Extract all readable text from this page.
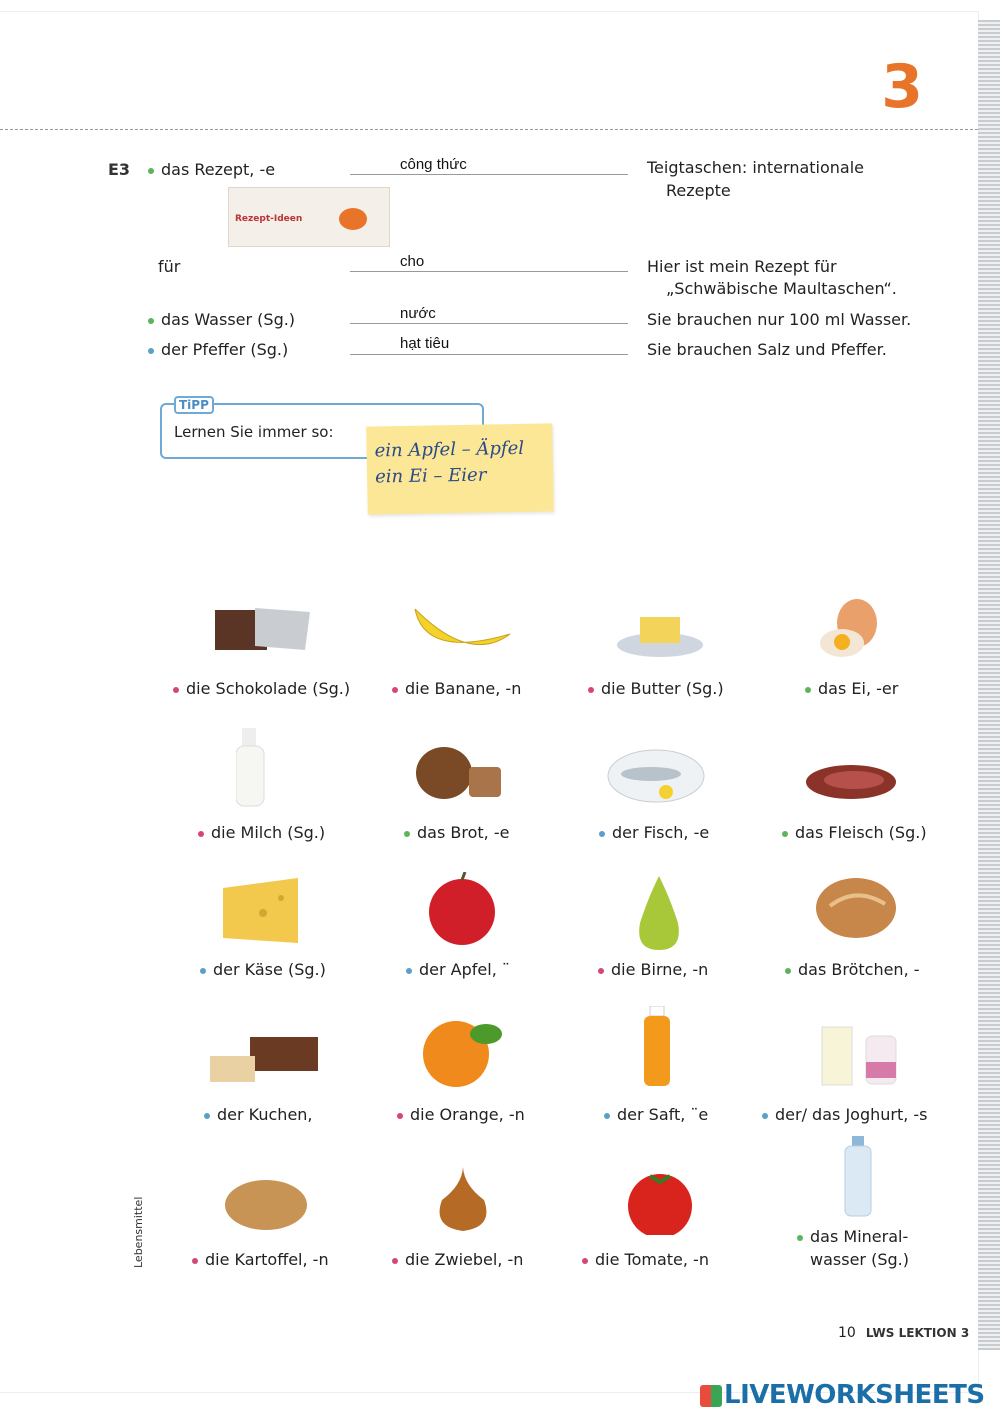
3
E3	das Rezept, -e	công thức	Teigtaschen: internationale
Rezepte
Rezept-Ideen
für	cho	Hier ist mein Rezept für
„Schwäbische Maultaschen“.
das Wasser (Sg.)	nước	Sie brauchen nur 100 ml Wasser.
der Pfeffer (Sg.)	hạt tiêu	Sie brauchen Salz und Pfeffer.
TiPP
Lernen Sie immer so:
ein Apfel – Äpfel
ein Ei – Eier
die Schokolade (Sg.)	die Banane, -n	die Butter (Sg.)	das Ei, -er
die Milch (Sg.)	das Brot, -e	der Fisch, -e	das Fleisch (Sg.)
der Käse (Sg.)	der Apfel, ¨	die Birne, -n	das Brötchen, -
der Kuchen,	die Orange, -n	der Saft, ¨e	der/ das Joghurt, -s
die Kartoffel, -n	die Zwiebel, -n	die Tomate, -n
das Mineral-
wasser (Sg.)
Lebensmittel
10 LWS LEKTION 3
LIVEWORKSHEETS
